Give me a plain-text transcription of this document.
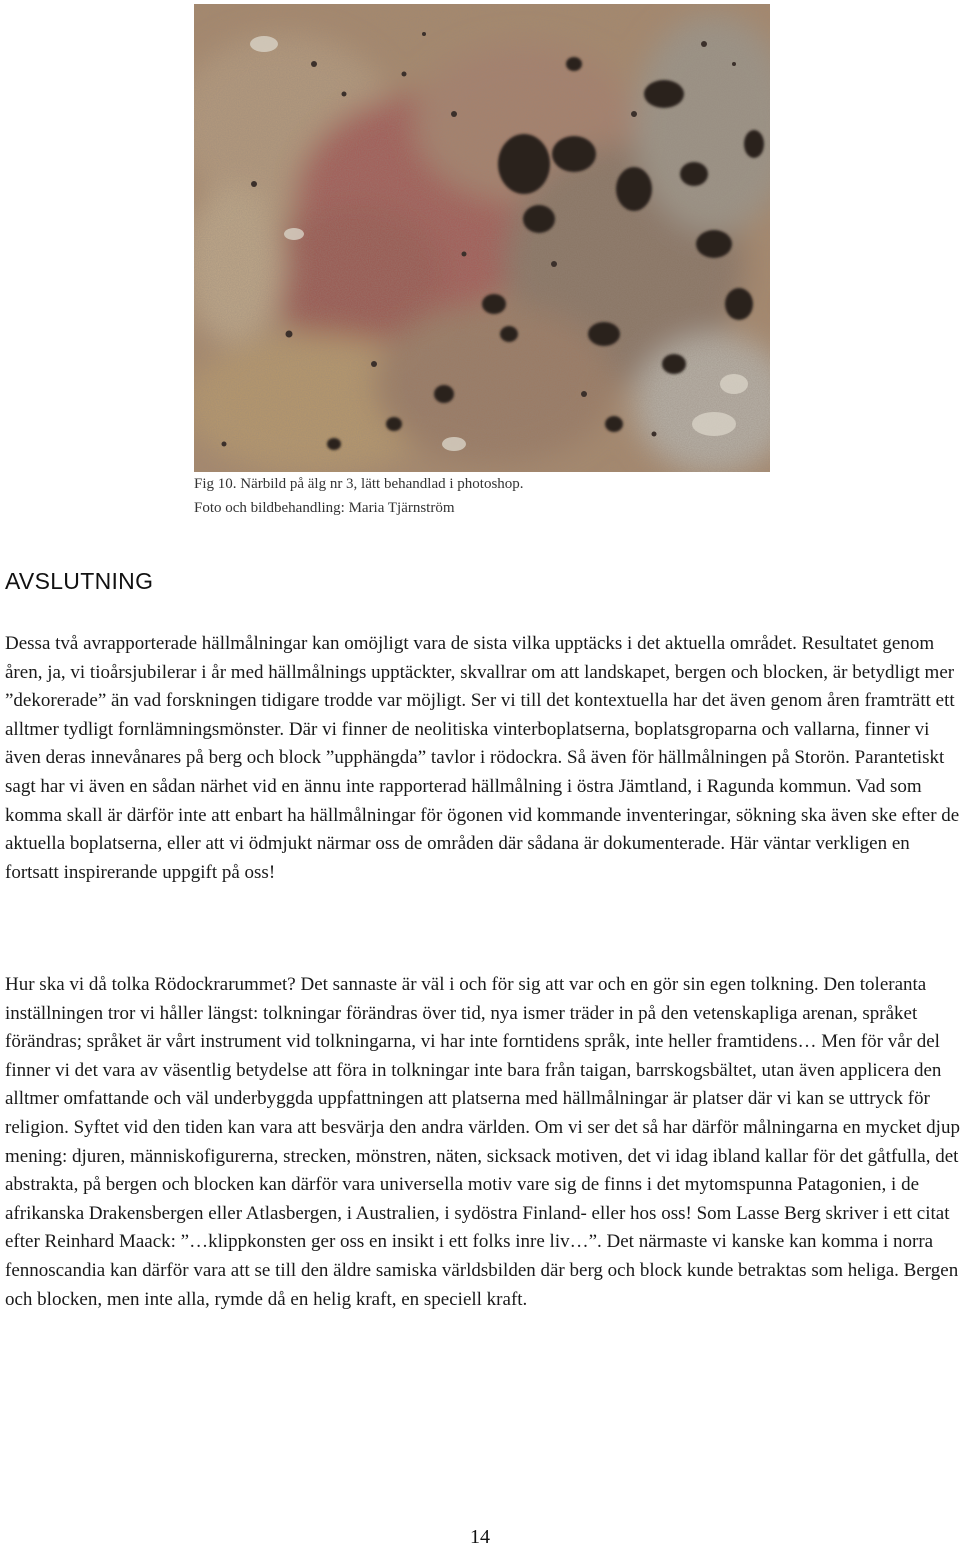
Fig 10. Närbild på älg nr 3, lätt behandlad i photoshop.
Foto och bildbehandling: Maria Tjärnström
AVSLUTNING

Dessa två avrapporterade hällmålningar kan omöjligt vara de sista vilka upptäcks i det aktuella området. Resultatet genom åren, ja, vi tioårsjubilerar i år med hällmålnings upptäckter, skvallrar om att landskapet, bergen och blocken, är betydligt mer ”dekorerade” än vad forskningen tidigare trodde var möjligt. Ser vi till det kontextuella har det även genom åren framträtt ett alltmer tydligt fornlämningsmönster. Där vi finner de neolitiska vinterboplatserna, boplatsgroparna och vallarna, finner vi även deras innevånares på berg och block ”upphängda” tavlor i rödockra. Så även för hällmålningen på Storön. Parantetiskt sagt har vi även en sådan närhet vid en ännu inte rapporterad hällmålning i östra Jämtland, i Ragunda kommun. Vad som komma skall är därför inte att enbart ha hällmålningar för ögonen vid kommande inventeringar, sökning ska även ske efter de aktuella boplatserna, eller att vi ödmjukt närmar oss de områden där sådana är dokumenterade. Här väntar verkligen en fortsatt inspirerande uppgift på oss!

Hur ska vi då tolka Rödockrarummet? Det sannaste är väl i och för sig att var och en gör sin egen tolkning. Den toleranta inställningen tror vi håller längst: tolkningar förändras över tid, nya ismer träder in på den vetenskapliga arenan, språket förändras; språket är vårt instrument vid tolkningarna, vi har inte forntidens språk, inte heller framtidens… Men för vår del finner vi det vara av väsentlig betydelse att föra in tolkningar inte bara från taigan, barrskogsbältet, utan även applicera den alltmer omfattande och väl underbyggda uppfattningen att platserna med hällmålningar är platser där vi kan se uttryck för religion. Syftet vid den tiden kan vara att besvärja den andra världen. Om vi ser det så har därför målningarna en mycket djup mening: djuren, människofigurerna, strecken, mönstren, näten, sicksack motiven, det vi idag ibland kallar för det gåtfulla, det abstrakta, på bergen och blocken kan därför vara universella motiv vare sig de finns i det mytomspunna Patagonien, i de afrikanska Drakensbergen eller Atlasbergen, i Australien, i sydöstra Finland- eller hos oss! Som Lasse Berg skriver i ett citat efter Reinhard Maack: ”…klippkonsten ger oss en insikt i ett folks inre liv…”. Det närmaste vi kanske kan komma i norra fennoscandia kan därför vara att se till den äldre samiska världsbilden där berg och block kunde betraktas som heliga. Bergen och blocken, men inte alla, rymde då en helig kraft, en speciell kraft.

14
